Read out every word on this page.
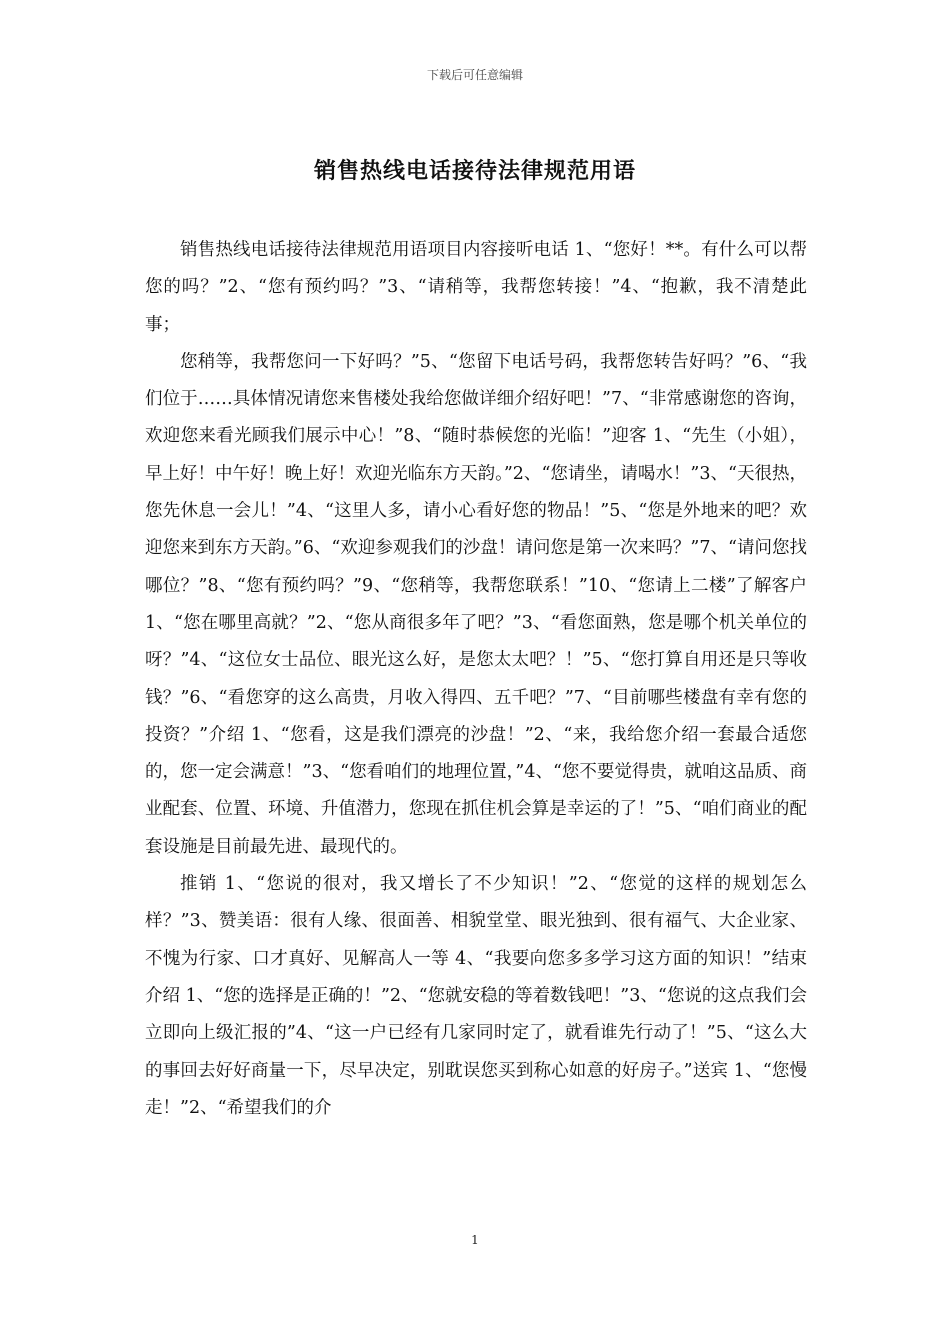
下载后可任意编辑
销售热线电话接待法律规范用语

销售热线电话接待法律规范用语项目内容接听电话 1、“您好！**。有什么可以帮您的吗？”2、“您有预约吗？”3、“请稍等，我帮您转接！”4、“抱歉，我不清楚此事；

您稍等，我帮您问一下好吗？”5、“您留下电话号码，我帮您转告好吗？”6、“我们位于……具体情况请您来售楼处我给您做详细介绍好吧！”7、“非常感谢您的咨询，欢迎您来看光顾我们展示中心！”8、“随时恭候您的光临！”迎客 1、“先生（小姐），早上好！中午好！晚上好！欢迎光临东方天韵。”2、“您请坐，请喝水！”3、“天很热，您先休息一会儿！”4、“这里人多，请小心看好您的物品！”5、“您是外地来的吧？欢迎您来到东方天韵。”6、“欢迎参观我们的沙盘！请问您是第一次来吗？”7、“请问您找哪位？”8、“您有预约吗？”9、“您稍等，我帮您联系！”10、“您请上二楼”了解客户 1、“您在哪里高就？”2、“您从商很多年了吧？”3、“看您面熟，您是哪个机关单位的呀？”4、“这位女士品位、眼光这么好，是您太太吧？！”5、“您打算自用还是只等收钱？”6、“看您穿的这么高贵，月收入得四、五千吧？”7、“目前哪些楼盘有幸有您的投资？”介绍 1、“您看，这是我们漂亮的沙盘！”2、“来，我给您介绍一套最合适您的，您一定会满意！”3、“您看咱们的地理位置，”4、“您不要觉得贵，就咱这品质、商业配套、位置、环境、升值潜力，您现在抓住机会算是幸运的了！”5、“咱们商业的配套设施是目前最先进、最现代的。

推销 1、“您说的很对，我又增长了不少知识！”2、“您觉的这样的规划怎么样？”3、赞美语：很有人缘、很面善、相貌堂堂、眼光独到、很有福气、大企业家、不愧为行家、口才真好、见解高人一等 4、“我要向您多多学习这方面的知识！”结束介绍 1、“您的选择是正确的！”2、“您就安稳的等着数钱吧！”3、“您说的这点我们会立即向上级汇报的”4、“这一户已经有几家同时定了，就看谁先行动了！”5、“这么大的事回去好好商量一下，尽早决定，别耽误您买到称心如意的好房子。”送宾 1、“您慢走！”2、“希望我们的介

1
